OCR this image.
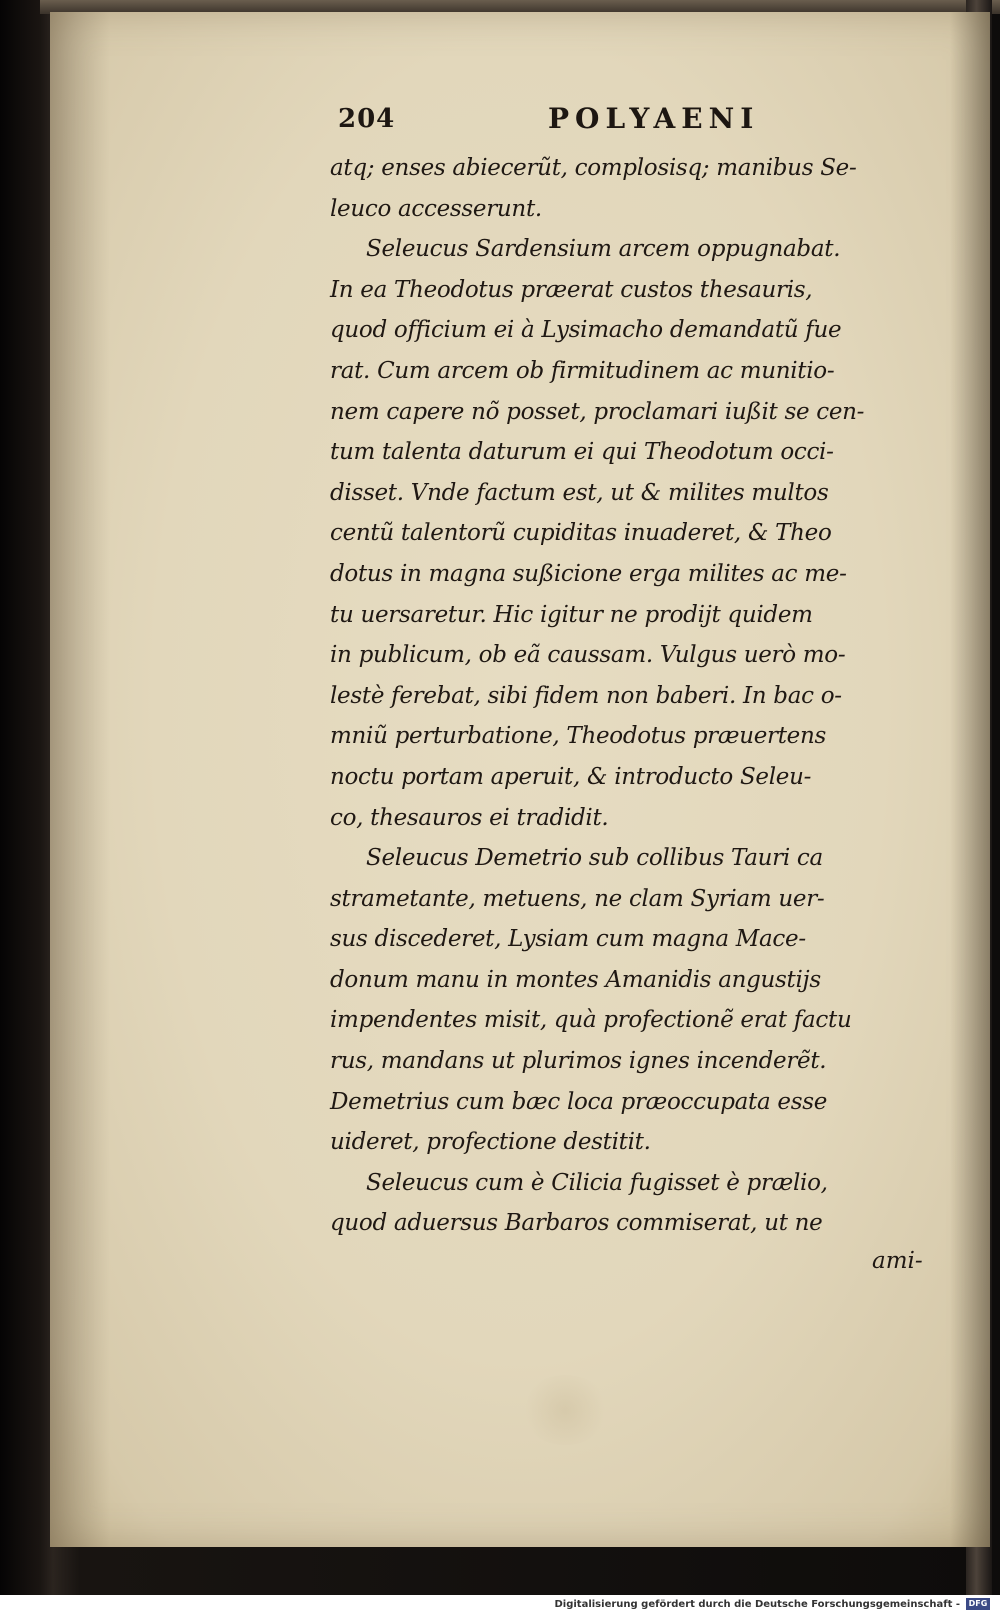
204	POLYAENI
atq; enses abiecerũt, complosisq; manibus Se-
leuco accesserunt.
Seleucus Sardensium arcem oppugnabat.
In ea Theodotus præerat custos thesauris,
quod officium ei à Lysimacho demandatũ fue
rat. Cum arcem ob firmitudinem ac munitio-
nem capere nõ posset, proclamari iußit se cen-
tum talenta daturum ei qui Theodotum occi-
disset. Vnde factum est, ut & milites multos
centũ talentorũ cupiditas inuaderet, & Theo
dotus in magna sußicione erga milites ac me-
tu uersaretur. Hic igitur ne prodijt quidem
in publicum, ob eã caussam. Vulgus uerò mo-
lestè ferebat, sibi fidem non baberi. In bac o-
mniũ perturbatione, Theodotus præuertens
noctu portam aperuit, & introducto Seleu-
co, thesauros ei tradidit.
Seleucus Demetrio sub collibus Tauri ca
strametante, metuens, ne clam Syriam uer-
sus discederet, Lysiam cum magna Mace-
donum manu in montes Amanidis angustijs
impendentes misit, quà profectionẽ erat factu
rus, mandans ut plurimos ignes incenderẽt.
Demetrius cum bæc loca præoccupata esse
uideret, profectione destitit.
Seleucus cum è Cilicia fugisset è prælio,
quod aduersus Barbaros commiserat, ut ne
ami-
Digitalisierung gefördert durch die Deutsche Forschungsgemeinschaft -	DFG
